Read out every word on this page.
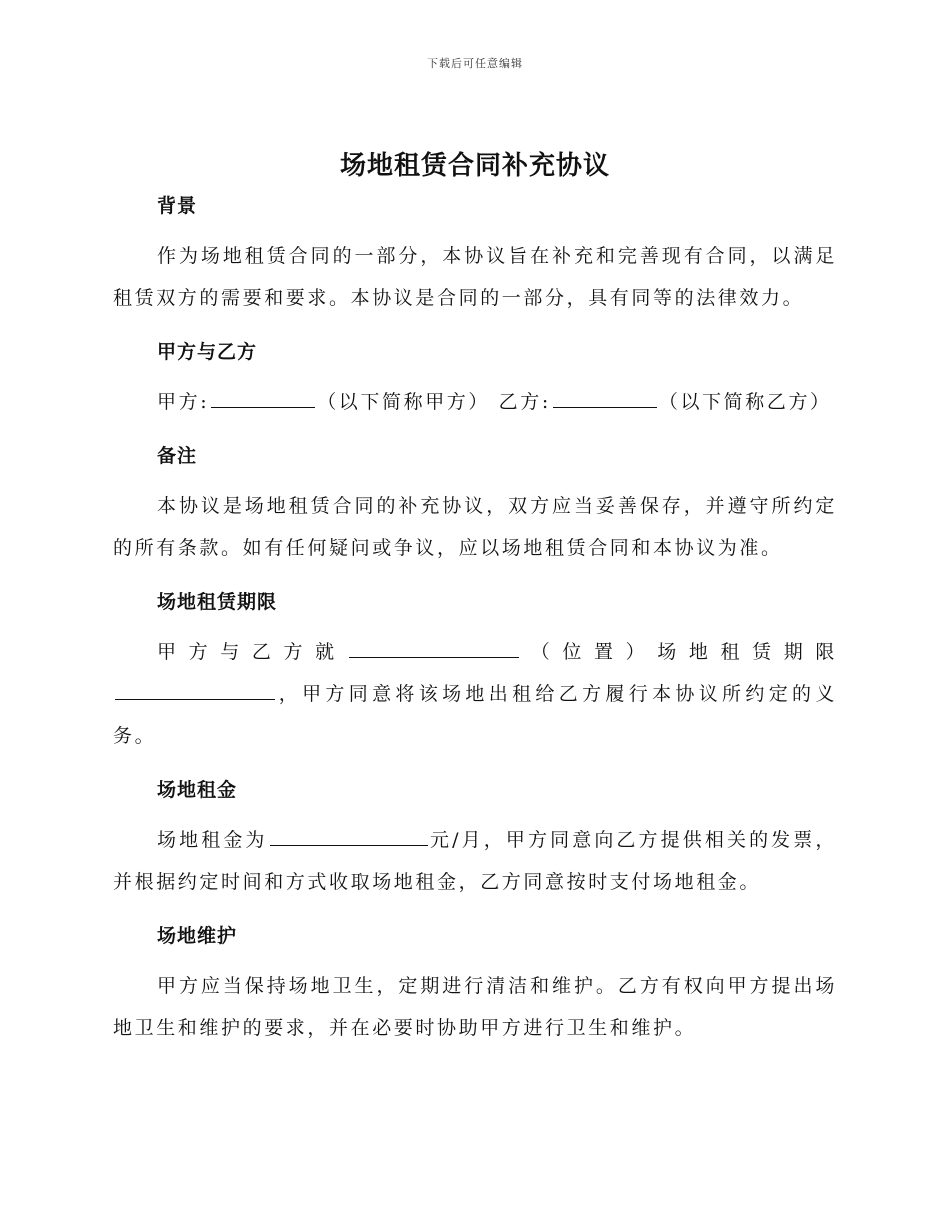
下载后可任意编辑
场地租赁合同补充协议
背景

作为场地租赁合同的一部分，本协议旨在补充和完善现有合同，以满足租赁双方的需要和要求。本协议是合同的一部分，具有同等的法律效力。

甲方与乙方

甲方:	（以下简称甲方） 乙方:	（以下简称乙方）

备注

本协议是场地租赁合同的补充协议，双方应当妥善保存，并遵守所约定的所有条款。如有任何疑问或争议，应以场地租赁合同和本协议为准。

场地租赁期限

甲方与乙方就	（位置）场地租赁期限，甲方同意将该场地出租给乙方履行本协议所约定的义务。

场地租金

场地租金为	元/月，甲方同意向乙方提供相关的发票，并根据约定时间和方式收取场地租金，乙方同意按时支付场地租金。

场地维护

甲方应当保持场地卫生，定期进行清洁和维护。乙方有权向甲方提出场地卫生和维护的要求，并在必要时协助甲方进行卫生和维护。
